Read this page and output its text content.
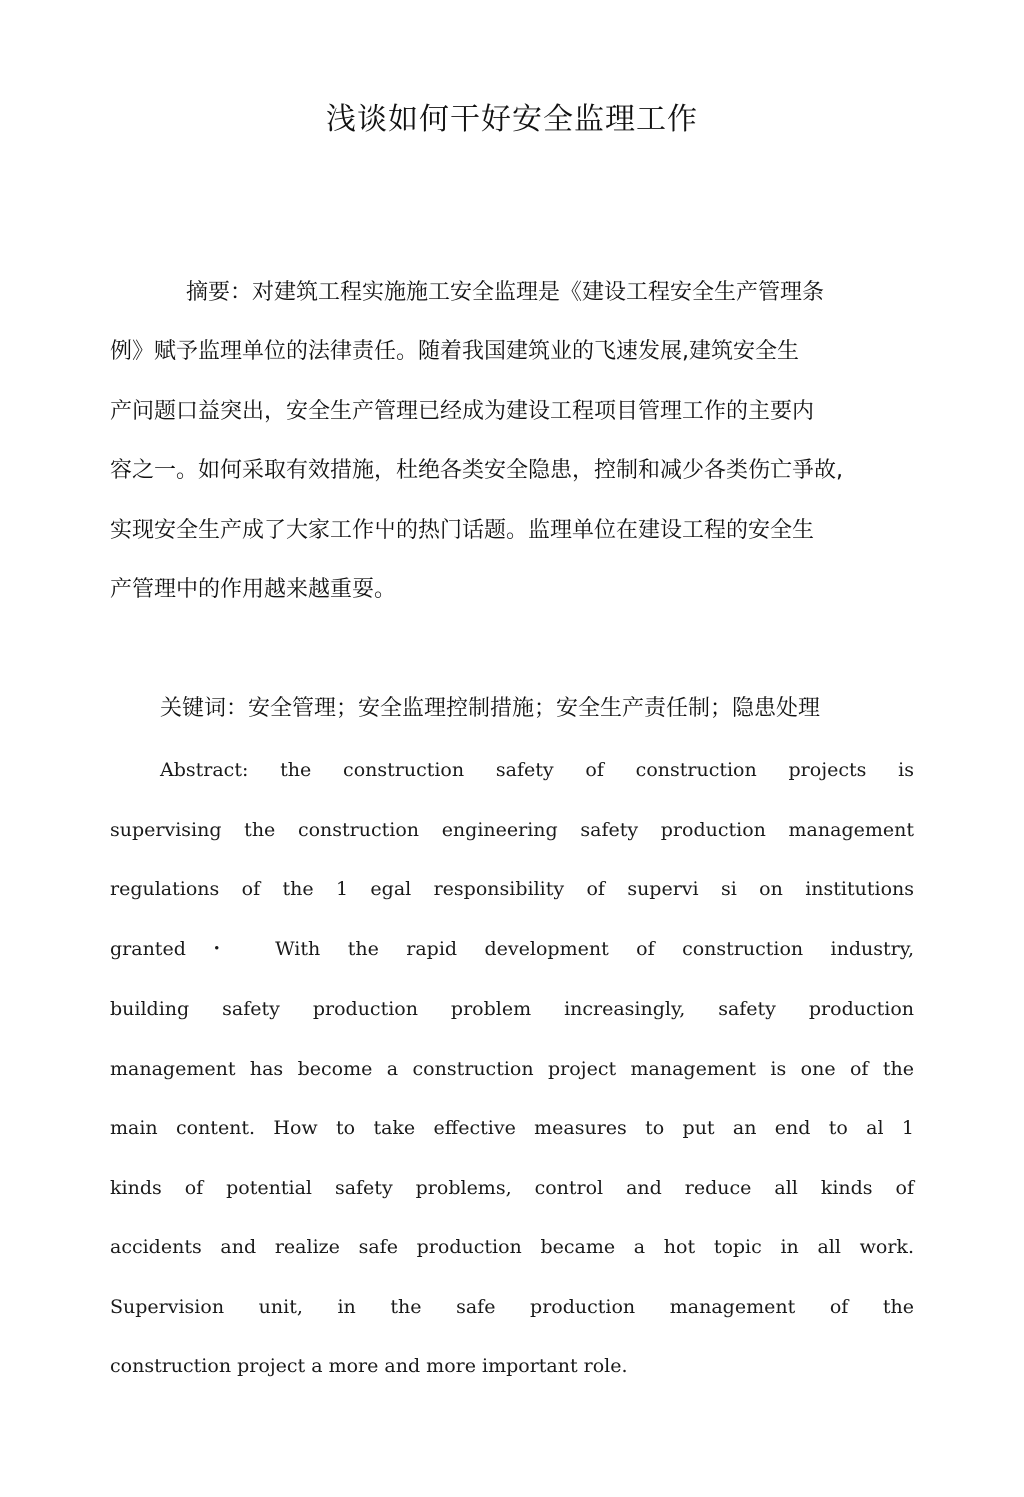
浅谈如何干好安全监理工作

摘要：对建筑工程实施施工安全监理是《建设工程安全生产管理条

例》赋予监理单位的法律责任。随着我国建筑业的飞速发展,建筑安全生

产问题口益突出，安全生产管理已经成为建设工程项目管理工作的主要内

容之一。如何采取有效措施，杜绝各类安全隐患，控制和减少各类伤亡爭故,

实现安全生产成了大家工作屮的热门话题。监理单位在建设工程的安全生

产管理中的作用越来越重耍。

关键词：安全管理；安全监理控制措施；安全生产责任制；隐患处理

Abstract: the construction safety of construction projects is

supervising the construction engineering safety production management

regulations of the 1 egal responsibility of supervi si on institutions

granted・ With the rapid development of construction industry,

building safety production problem increasingly, safety production

management has become a construction project management is one of the

main content. How to take effective measures to put an end to al 1

kinds of potential safety problems, control and reduce all kinds of

accidents and realize safe production became a hot topic in all work.

Supervision unit, in the safe production management of the

construction project a more and more important role.
